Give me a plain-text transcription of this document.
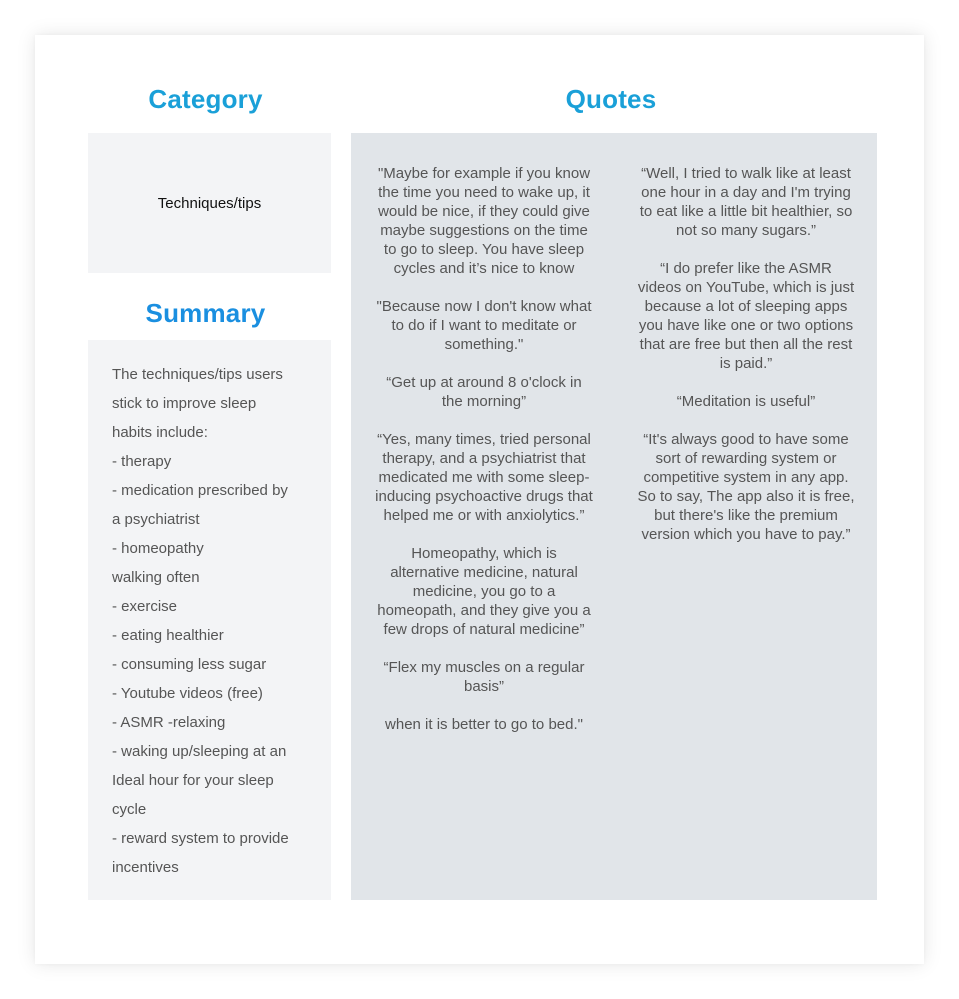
Category	Quotes
Techniques/tips
Summary
The techniques/tips users
stick to improve sleep
habits include:
- therapy
- medication prescribed by
a psychiatrist
- homeopathy
walking often
- exercise
- eating healthier
- consuming less sugar
- Youtube videos (free)
- ASMR -relaxing
- waking up/sleeping at an
Ideal hour for your sleep
cycle
- reward system to provide
incentives

"Maybe for example if you know the time you need to wake up, it would be nice, if they could give maybe suggestions on the time to go to sleep. You have sleep cycles and it’s nice to know

"Because now I don't know what to do if I want to meditate or something."

“Get up at around 8 o'clock in the morning”

“Yes, many times, tried personal therapy, and a psychiatrist that medicated me with some sleep-inducing psychoactive drugs that helped me or with anxiolytics.”

Homeopathy, which is alternative medicine, natural medicine, you go to a homeopath, and they give you a few drops of natural medicine”

“Flex my muscles on a regular basis”

when it is better to go to bed."

“Well, I tried to walk like at least one hour in a day and I'm trying to eat like a little bit healthier, so not so many sugars.”

“I do prefer like the ASMR videos on YouTube, which is just because a lot of sleeping apps you have like one or two options that are free but then all the rest is paid.”

“Meditation is useful”

“It's always good to have some sort of rewarding system or competitive system in any app. So to say, The app also it is free, but there's like the premium version which you have to pay.”
